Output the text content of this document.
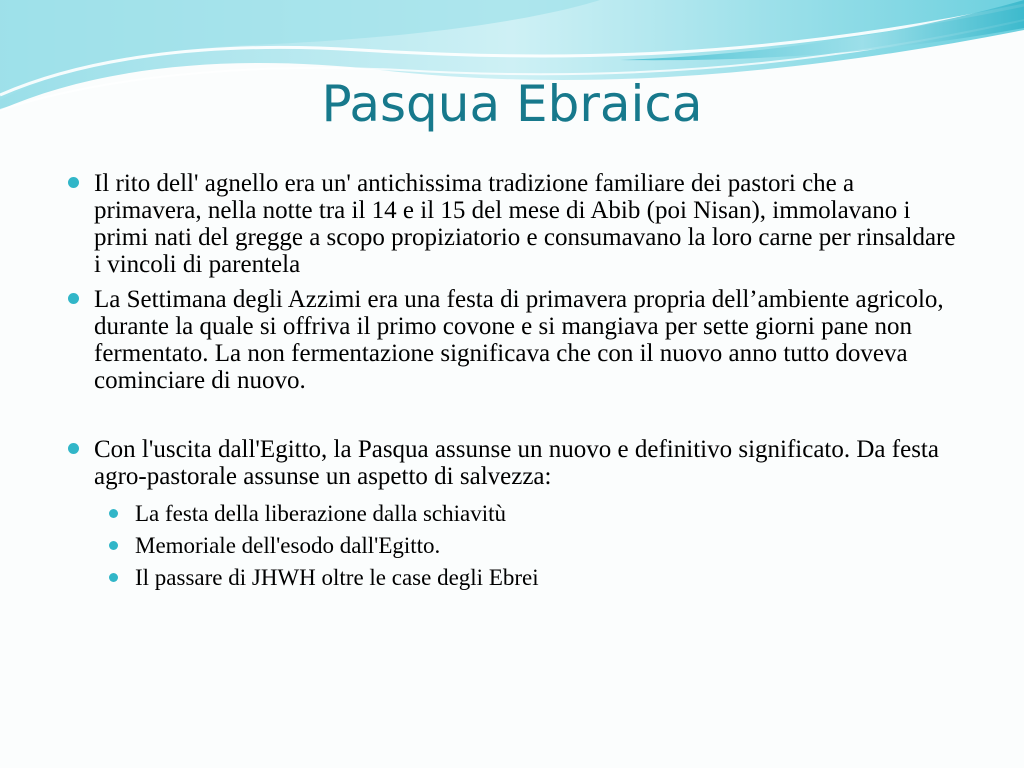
Pasqua Ebraica
Il rito dell' agnello era un' antichissima tradizione familiare dei pastori che a primavera, nella notte tra il 14 e il 15 del mese di Abib (poi Nisan), immolavano i primi nati del gregge a scopo propiziatorio e consumavano la loro carne per rinsaldare i vincoli di parentela
La Settimana degli Azzimi era una festa di primavera propria dell’ambiente agricolo, durante la quale si offriva il primo covone e si mangiava per sette giorni pane non fermentato. La non fermentazione significava che con il nuovo anno tutto doveva cominciare di nuovo.
Con l'uscita dall'Egitto, la Pasqua assunse un nuovo e definitivo significato. Da festa agro-pastorale assunse un aspetto di salvezza:
La festa della liberazione dalla schiavitù
Memoriale dell'esodo dall'Egitto.
Il passare di JHWH oltre le case degli Ebrei
